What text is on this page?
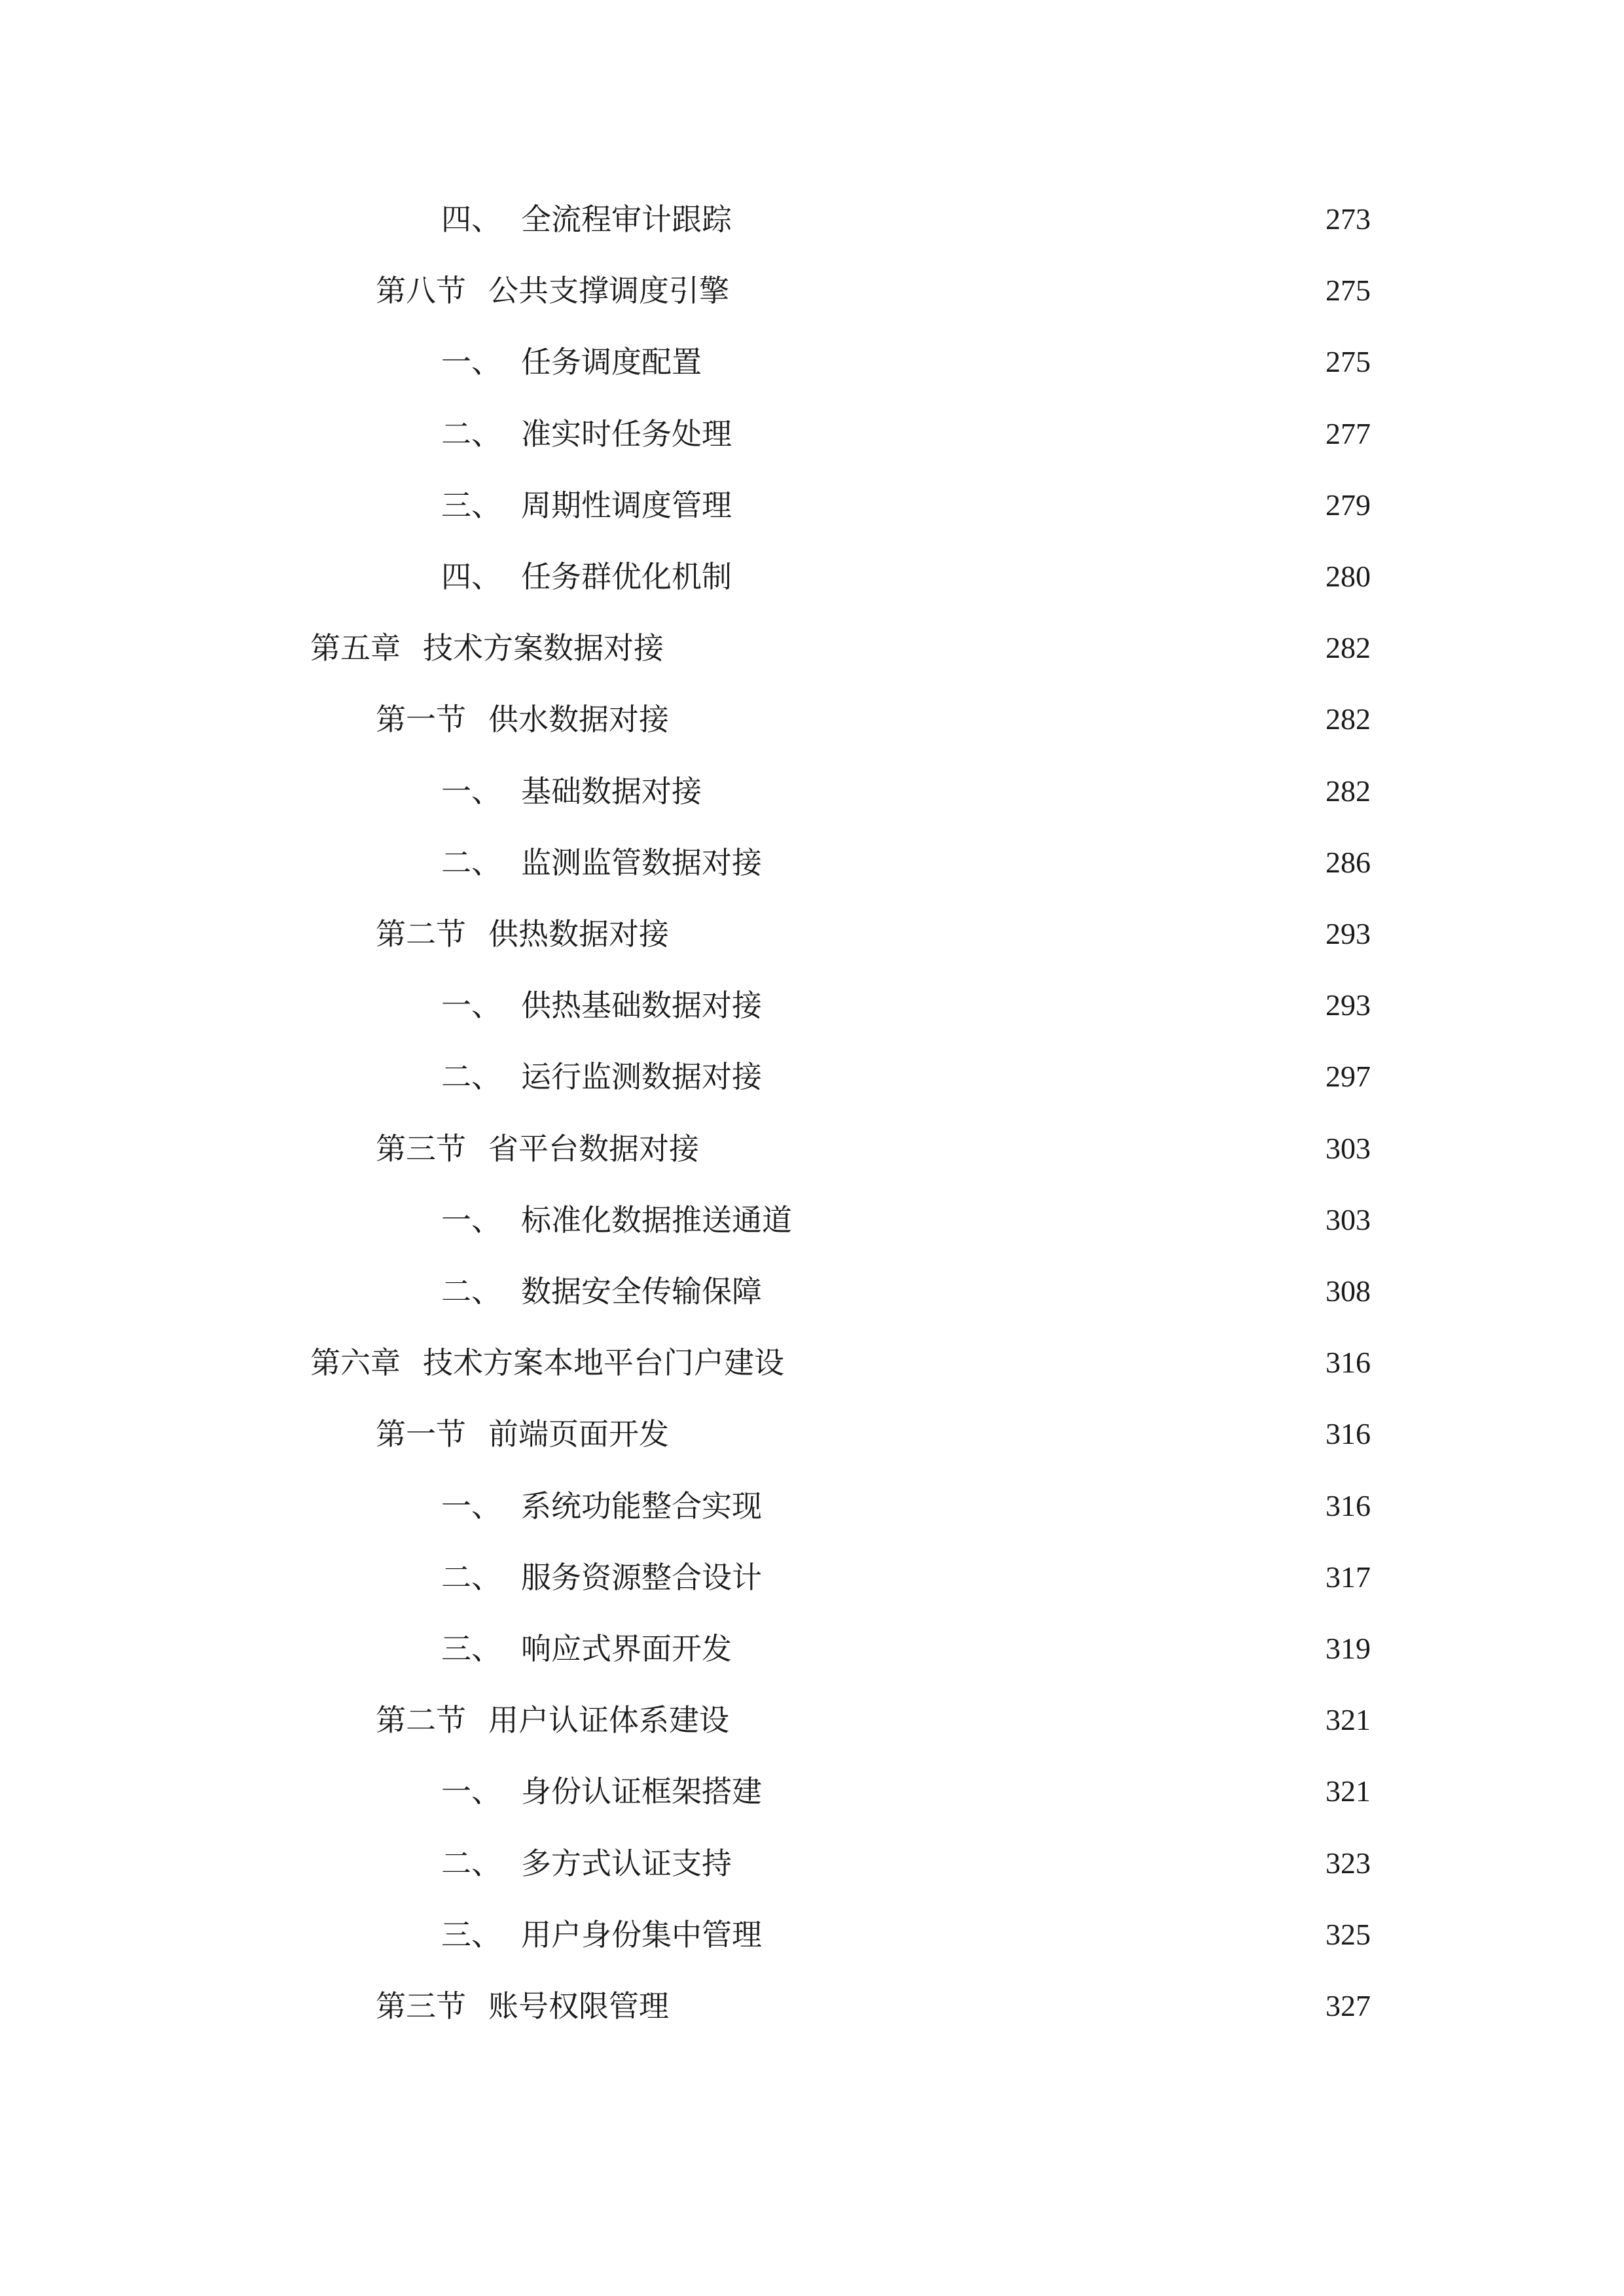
四、 全流程审计跟踪	273
第八节 公共支撑调度引擎	275
一、 任务调度配置	275
二、 准实时任务处理	277
三、 周期性调度管理	279
四、 任务群优化机制	280
第五章 技术方案数据对接	282
第一节 供水数据对接	282
一、 基础数据对接	282
二、 监测监管数据对接	286
第二节 供热数据对接	293
一、 供热基础数据对接	293
二、 运行监测数据对接	297
第三节 省平台数据对接	303
一、 标准化数据推送通道	303
二、 数据安全传输保障	308
第六章 技术方案本地平台门户建设	316
第一节 前端页面开发	316
一、 系统功能整合实现	316
二、 服务资源整合设计	317
三、 响应式界面开发	319
第二节 用户认证体系建设	321
一、 身份认证框架搭建	321
二、 多方式认证支持	323
三、 用户身份集中管理	325
第三节 账号权限管理	327
